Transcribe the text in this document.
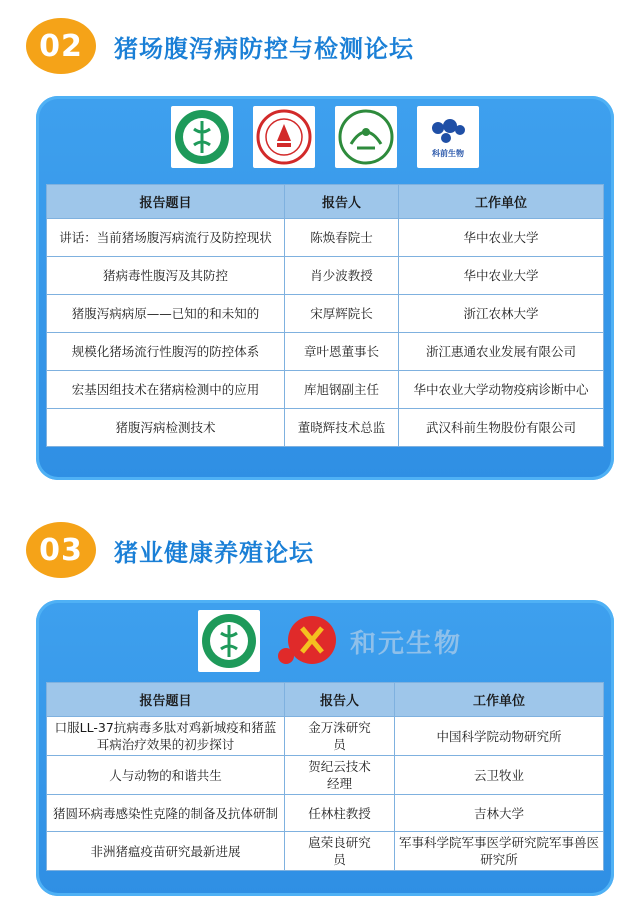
02	猪场腹泻病防控与检测论坛
科前生物
报告题目	报告人	工作单位
讲话：当前猪场腹泻病流行及防控现状	陈焕春院士	华中农业大学
猪病毒性腹泻及其防控	肖少波教授	华中农业大学
猪腹泻病病原——已知的和未知的	宋厚辉院长	浙江农林大学
规模化猪场流行性腹泻的防控体系	章叶恩董事长	浙江惠通农业发展有限公司
宏基因组技术在猪病检测中的应用	库旭钢副主任	华中农业大学动物疫病诊断中心
猪腹泻病检测技术	董晓辉技术总监	武汉科前生物股份有限公司
03	猪业健康养殖论坛
和元生物
报告题目	报告人	工作单位
口服LL-37抗病毒多肽对鸡新城疫和猪蓝耳病治疗效果的初步探讨	金万洙研究员	中国科学院动物研究所
人与动物的和谐共生	贺纪云技术经理	云卫牧业
猪圆环病毒感染性克隆的制备及抗体研制	任林柱教授	吉林大学
非洲猪瘟疫苗研究最新进展	扈荣良研究员	军事科学院军事医学研究院军事兽医研究所
